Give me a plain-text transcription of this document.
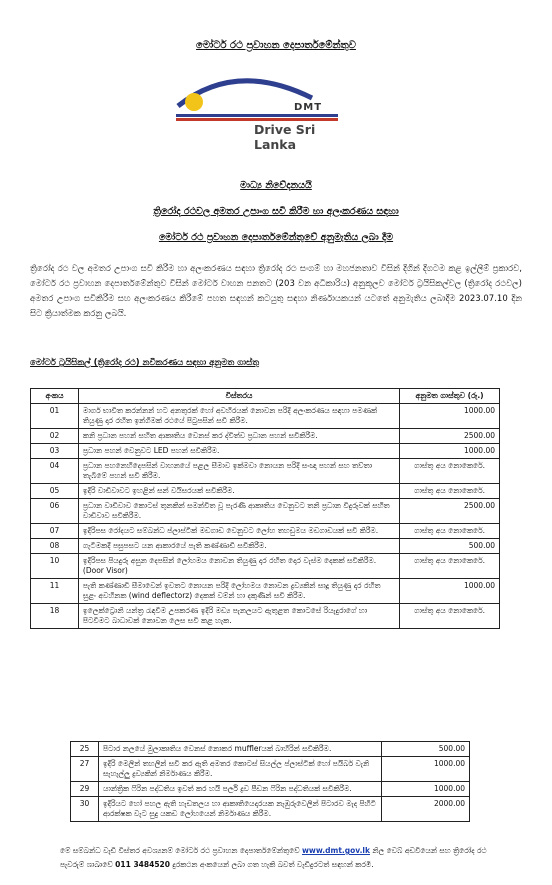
මෝටර් රථ ප්‍රවාහන දෙපාර්තමේන්තුව
DMT
Drive Sri Lanka
මාධ්‍ය නිවේදනයයි
ත්‍රිරෝද රථවල අමතර උපාංග සවි කිරීම හා අලංකරණය සඳහා
මෝටර් රථ ප්‍රවාහන දෙපාර්තමේන්තුවේ අනුමැතිය ලබා දීම

ත්‍රිරෝද රථ වල අමතර උපාංග සවි කිරීම හා අලංකරණය සඳහා ත්‍රිරෝද රථ සංගම් හා මහජනතාව විසින් දිගින් දිගටම කළ ඉල්ලීම් ප්‍රකාරව, මෝටර් රථ ප්‍රවාහන දෙපාර්තමේන්තුව විසින් මෝටර් වාහන පනතට (203 වන අධිකාරිය) අනුකූලව මෝටර් ට්‍රයිසිකල්වල (ත්‍රිරෝද රථවල) අමතර උපාංග සවිකිරීම සහ අලංකරණය කිරීමේ පහත සඳහන් කටයුතු සඳහා නිර්ණායකයන් යටතේ අනුමැතිය ලබාදීම 2023.07.10 දින සිට ක්‍රියාත්මක කරනු ලබයි.

මෝටර් ට්‍රයිසිකල් (ත්‍රිරෝද රථ) නවීකරණය සඳහා අනුමත ගාස්තු
අංකය	විස්තරය	අනුමත ගාස්තුව (රු.)
01	මාර්ග භාවිත කරන්නන් හට අනතුරක් හෝ අවහිරයක් නොවන පරිදි අලංකරණය සඳහා පමණක් තියුණු දාර රහිත ඉන්ගිමක් රථයේ පිටුපසින් සවි කිරීම.	1000.00
02	කනි ප්‍රධාන පහන් සහිත ආකෘතිය වෙනස් කර ද්විත්ව ප්‍රධාන පහන් සවිකිරීම.	2500.00
03	ප්‍රධාන පහන් වෙනුවට LED පහන් සවිකිරීම.	1000.00
04	ප්‍රධාන පහනෙහිදෙපසින් වාහනයේ පළල සීමාව ඉක්මවා නොයන පරිදි සංඥා පහන් සහ තව්තා තැබීමේ පහන් සවි කිරීම.	ගාස්තු අය නොකෙරේ.
05	ඉදිරි වාඩිවාවට ඉහළින් සන් වයිසරයක් සවිකිරීම.	ගාස්තු අය නොකෙරේ.
06	ප්‍රධාන වාඩිවාව කොටස් තුනකින් සමන්විත වූ පැරණි ආකෘතිය වෙනුවට තනි ප්‍රධාන විදුරුවක් සහිත වාඩිවාව සවිකිරීම.	2500.00
07	ඉදිරිපස රෝදයට සම්බන්ධ ප්ලාස්ටික් මඩගාඩ වෙනුවට ලෝහ තහඩුමය මඩගාඩයක් සවි කිරීම.	ගාස්තු අය නොකෙරේ.
08	ගැටීමකදී පසුපසට යන ආකාරයේ පැති කණ්ණාඩි සවිකිරීම.	500.00
10	ඉදිරිපස පියදුරු අසුන දෙපසින් ලෝහමය නොවන තියුණු දාර රහිත දොර වැස්ම දෙකක් සවිකිරීම. (Door Visor)	ගාස්තු අය නොකෙරේ.
11	පැති කණ්ණාඩි සීමාවෙන් ඉවතට නොයන පරිදි ලෝහමය නොවන ද්‍රව්‍යකින් සාදූ තියුණු දාර රහිත සුළං අවහිනක (wind deflectorz) දෙකක් වම්න් හා දකුණින් සවි කිරීම.	1000.00
18	ඉලෙක්ට්‍රොනි යන්ත්‍ර රැඳවීම උපකරණ ඉදිරි මඩ්‍ය පැනලයට ඇතුළත කොටසේ රියැදුරාගේ හා පිටවීමට බාධාවක් නොවන ලෙස සවි කළ හැක.	ගාස්තු අය නොකෙරේ.
25	පිටාර නලයේ මුලාකෘතිය වෙනස් නොකර mufflerයක් බාහිරින් සවිකිරීම.	500.00
27	ඉදිරි මෙලින් තහලින් සවි කර ඇති අමතර කොටස් සියල්ල ප්ලාස්ටික් හෝ පයිබර් වැනි සැහැල්ලු ද්‍රව්‍යකින් නිර්මාණය කිරීම.	1000.00
29	යාන්ත්‍රික ෆිරින පද්ධතිය ඉවත් කර හයි පර්ලි ද්‍රව පීඩන ෆිරින පද්ධතියක් සවිකිරීම.	1000.00
30	ඉදිරියට හෝ පහල ඇති හැඩතලය හා ආකෘතියෙදාරයක නැඹුරුවෙලින් පිටාරව මැද පිහිටි ආරක්ෂක වැට සුදු යකඩ ලෝහයෙන් නිර්මාණය කිරීම.	2000.00
මේ සම්බන්ධ වැඩි විස්තර අවශ්‍යනම් මෝටර් රථ ප්‍රවාහන දෙපාර්තමේන්තුවේ www.dmt.gov.lk නිල වෙබ් අඩවියෙන් සහ ත්‍රිරෝද රථ පැවරුම් ශාඛාවේ 011 3484520 දුරකථන අංකයෙන් ලබා ගත හැකි බවත් වැඩිදුරටත් සඳහන් කරමි.
